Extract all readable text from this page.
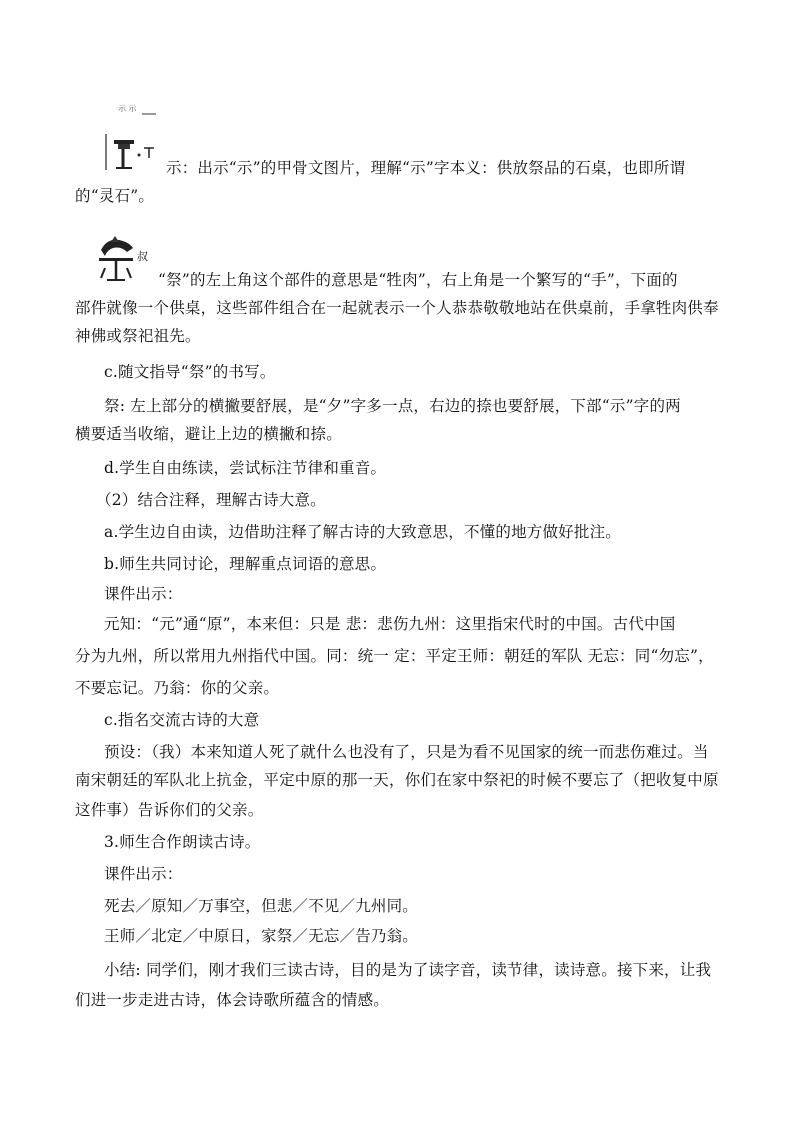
示 示
叔
示：出示“示”的甲骨文图片，理解“示”字本义：供放祭品的石桌，也即所谓
的“灵石”。
“祭”的左上角这个部件的意思是“牲肉”，右上角是一个繁写的“手”，下面的
部件就像一个供桌，这些部件组合在一起就表示一个人恭恭敬敬地站在供桌前，手拿牲肉供奉
神佛或祭祀祖先。
c.随文指导“祭”的书写。
祭: 左上部分的横撇要舒展，是“夕”字多一点，右边的捺也要舒展，下部“示”字的两
横要适当收缩，避让上边的横撇和捺。
d.学生自由练读，尝试标注节律和重音。
（2）结合注释，理解古诗大意。
a.学生边自由读，边借助注释了解古诗的大致意思，不懂的地方做好批注。
b.师生共同讨论，理解重点词语的意思。
课件出示：
元知：“元”通“原”，本来但：只是 悲：悲伤九州：这里指宋代时的中国。古代中国
分为九州，所以常用九州指代中国。同：统一 定：平定王师：朝廷的军队 无忘：同“勿忘”，
不要忘记。乃翁：你的父亲。
c.指名交流古诗的大意
预设：（我）本来知道人死了就什么也没有了，只是为看不见国家的统一而悲伤难过。当
南宋朝廷的军队北上抗金，平定中原的那一天，你们在家中祭祀的时候不要忘了（把收复中原
这件事）告诉你们的父亲。
3.师生合作朗读古诗。
课件出示：
死去／原知／万事空，但悲／不见／九州同。
王师／北定／中原日，家祭／无忘／告乃翁。
小结: 同学们，刚才我们三读古诗，目的是为了读字音，读节律，读诗意。接下来，让我
们进一步走进古诗，体会诗歌所蕴含的情感。
